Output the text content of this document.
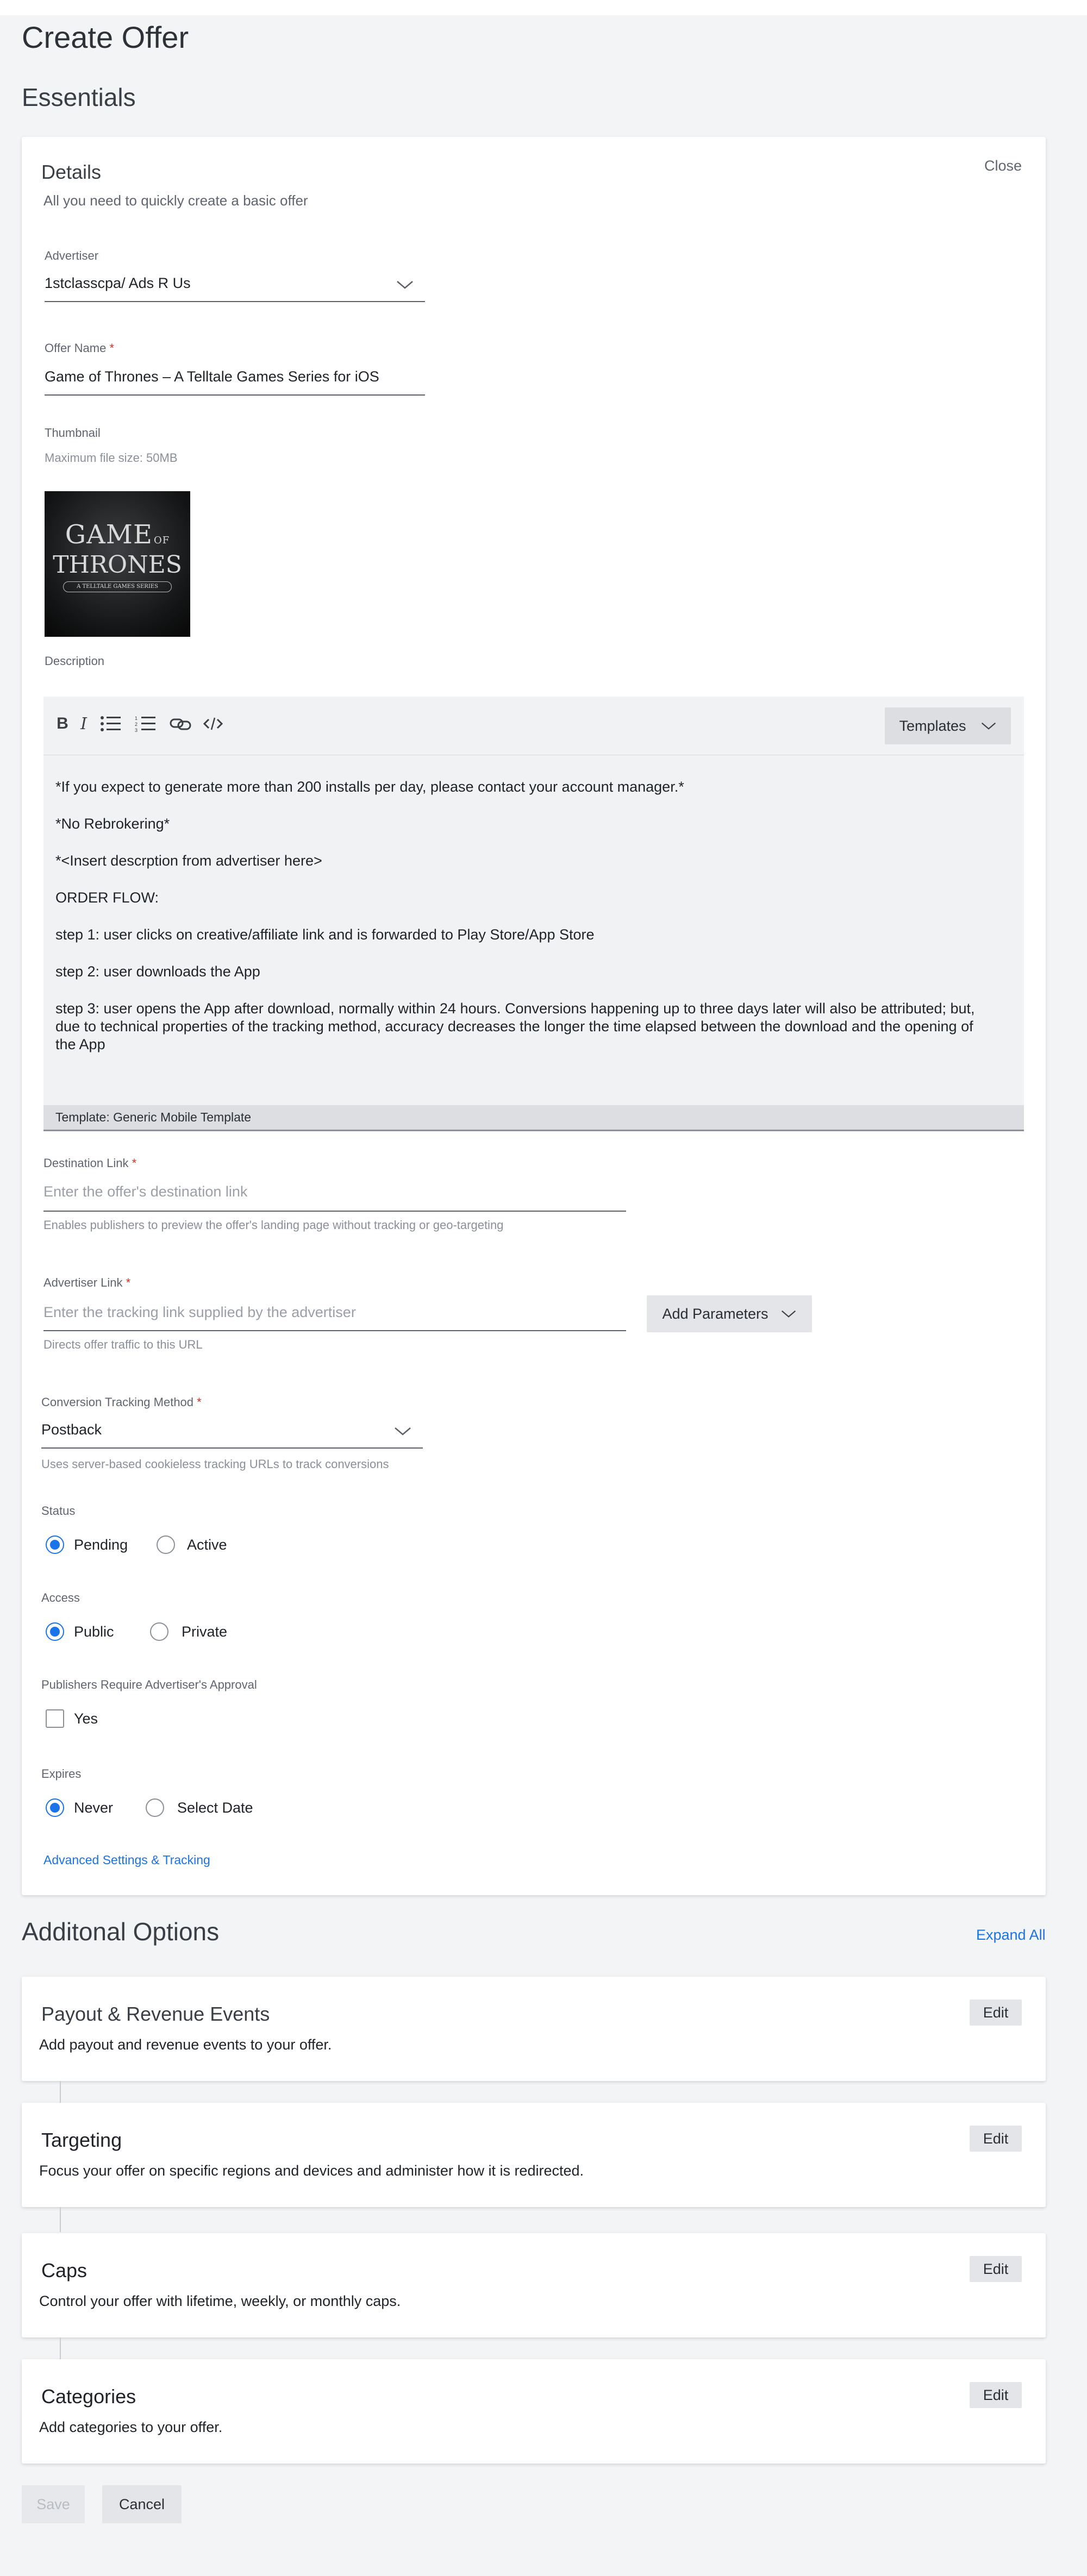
Create Offer
Essentials
Details
All you need to quickly create a basic offer
Close
Advertiser
1stclasscpa/ Ads R Us
Offer Name *
Game of Thrones – A Telltale Games Series for iOS
Thumbnail
Maximum file size: 50MB
GAME OF
THRONES
A TELLTALE GAMES SERIES
Description
B I	1
2
3	Templates
*If you expect to generate more than 200 installs per day, please contact your account manager.*
*No Rebrokering*
*<Insert descrption from advertiser here>
ORDER FLOW:
step 1: user clicks on creative/affiliate link and is forwarded to Play Store/App Store
step 2: user downloads the App
step 3: user opens the App after download, normally within 24 hours. Conversions happening up to three days later will also be attributed; but, due to technical properties of the tracking method, accuracy decreases the longer the time elapsed between the download and the opening of the App
Template: Generic Mobile Template
Destination Link *
Enter the offer's destination link
Enables publishers to preview the offer's landing page without tracking or geo-targeting
Advertiser Link *
Enter the tracking link supplied by the advertiser
Directs offer traffic to this URL
Add Parameters
Conversion Tracking Method *
Postback
Uses server-based cookieless tracking URLs to track conversions
Status
Pending	Active
Access
Public	Private
Publishers Require Advertiser's Approval
Yes
Expires
Never	Select Date
Advanced Settings & Tracking
Additonal Options	Expand All
Payout & Revenue Events
Add payout and revenue events to your offer.
Edit
Targeting
Focus your offer on specific regions and devices and administer how it is redirected.
Edit
Caps
Control your offer with lifetime, weekly, or monthly caps.
Edit
Categories
Add categories to your offer.
Edit
Save	Cancel
